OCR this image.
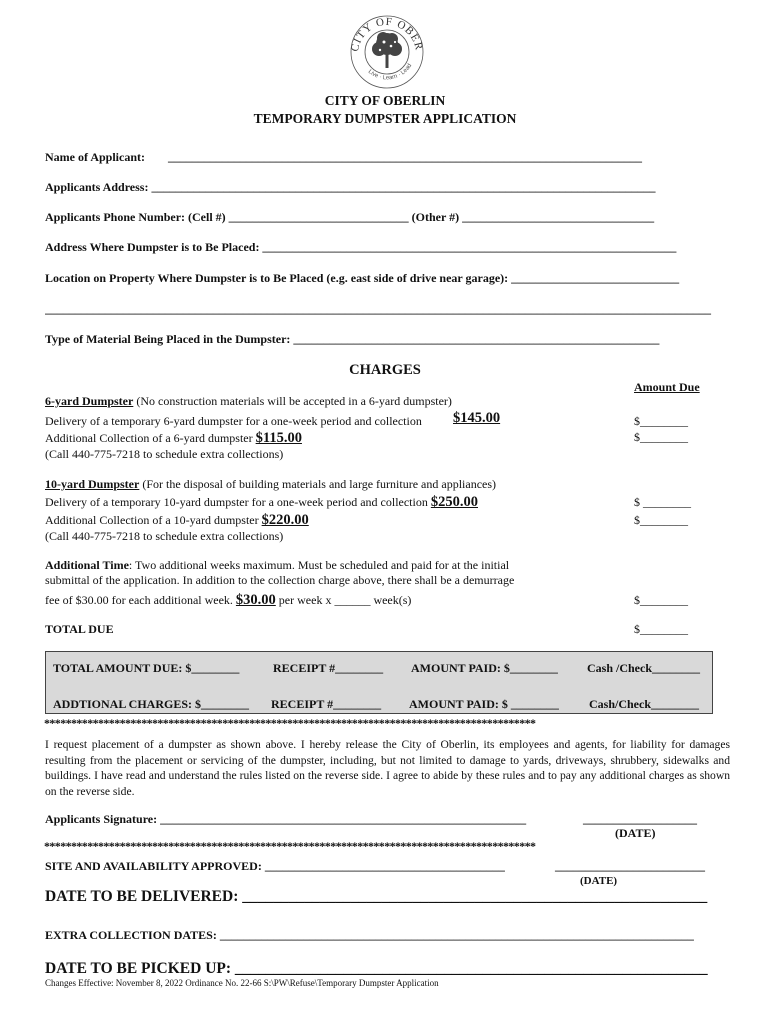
CITY OF OBER
Live · Learn · Lead
CITY OF OBERLIN
TEMPORARY DUMPSTER APPLICATION
Name of Applicant: _______________________________________________________________________________
Applicants Address: ____________________________________________________________________________________
Applicants Phone Number: (Cell #) ______________________________ (Other #) ________________________________
Address Where Dumpster is to Be Placed: _____________________________________________________________________
Location on Property Where Dumpster is to Be Placed (e.g. east side of drive near garage): ____________________________
_______________________________________________________________________________________________________________
Type of Material Being Placed in the Dumpster: _____________________________________________________________
CHARGES
Amount Due
6-yard Dumpster (No construction materials will be accepted in a 6-yard dumpster)
Delivery of a temporary 6-yard dumpster for a one-week period and collection $145.00	$________
Additional Collection of a 6-yard dumpster $115.00	$________
(Call 440-775-7218 to schedule extra collections)
10-yard Dumpster (For the disposal of building materials and large furniture and appliances)
Delivery of a temporary 10-yard dumpster for a one-week period and collection $250.00	$ ________
Additional Collection of a 10-yard dumpster $220.00	$________
(Call 440-775-7218 to schedule extra collections)
Additional Time: Two additional weeks maximum. Must be scheduled and paid for at the initial
submittal of the application. In addition to the collection charge above, there shall be a demurrage
fee of $30.00 for each additional week. $30.00 per week x ______ week(s)	$________
TOTAL DUE	$________
TOTAL AMOUNT DUE: $________	RECEIPT #________ AMOUNT PAID: $________ Cash /Check________
ADDTIONAL CHARGES: $________ RECEIPT #________ AMOUNT PAID: $ ________	Cash/Check________
*******************************************************************************************
I request placement of a dumpster as shown above. I hereby release the City of Oberlin, its employees and agents, for liability for damages resulting from the placement or servicing of the dumpster, including, but not limited to damage to yards, driveways, shrubbery, sidewalks and buildings. I have read and understand the rules listed on the reverse side. I agree to abide by these rules and to pay any additional charges as shown on the reverse side.
Applicants Signature: _____________________________________________________________	___________________
(DATE)
*******************************************************************************************
SITE AND AVAILABILITY APPROVED: ________________________________________	_________________________
(DATE)
DATE TO BE DELIVERED: ____________________________________________________________
EXTRA COLLECTION DATES: _______________________________________________________________________________
DATE TO BE PICKED UP: _____________________________________________________________
Changes Effective: November 8, 2022 Ordinance No. 22-66 S:\PW\Refuse\Temporary Dumpster Application
